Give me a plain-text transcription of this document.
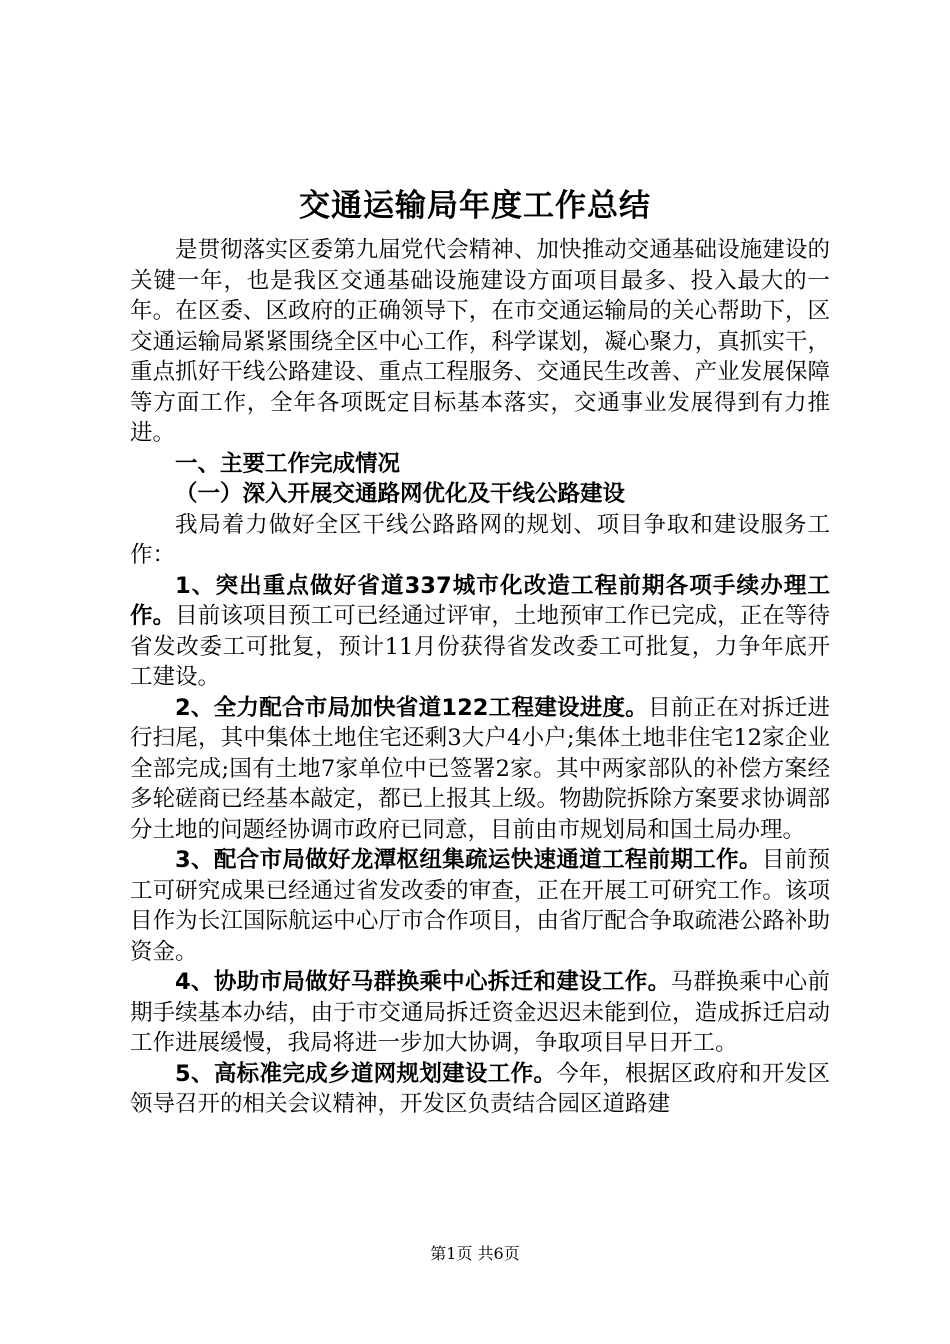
交通运输局年度工作总结

是贯彻落实区委第九届党代会精神、加快推动交通基础设施建设的关键一年，也是我区交通基础设施建设方面项目最多、投入最大的一年。在区委、区政府的正确领导下，在市交通运输局的关心帮助下，区交通运输局紧紧围绕全区中心工作，科学谋划，凝心聚力，真抓实干，重点抓好干线公路建设、重点工程服务、交通民生改善、产业发展保障等方面工作，全年各项既定目标基本落实，交通事业发展得到有力推进。

一、主要工作完成情况

（一）深入开展交通路网优化及干线公路建设

我局着力做好全区干线公路路网的规划、项目争取和建设服务工作：

1、突出重点做好省道337城市化改造工程前期各项手续办理工作。目前该项目预工可已经通过评审，土地预审工作已完成，正在等待省发改委工可批复，预计11月份获得省发改委工可批复，力争年底开工建设。

2、全力配合市局加快省道122工程建设进度。目前正在对拆迁进行扫尾，其中集体土地住宅还剩3大户4小户;集体土地非住宅12家企业全部完成;国有土地7家单位中已签署2家。其中两家部队的补偿方案经多轮磋商已经基本敲定，都已上报其上级。物勘院拆除方案要求协调部分土地的问题经协调市政府已同意，目前由市规划局和国土局办理。

3、配合市局做好龙潭枢纽集疏运快速通道工程前期工作。目前预工可研究成果已经通过省发改委的审查，正在开展工可研究工作。该项目作为长江国际航运中心厅市合作项目，由省厅配合争取疏港公路补助资金。

4、协助市局做好马群换乘中心拆迁和建设工作。马群换乘中心前期手续基本办结，由于市交通局拆迁资金迟迟未能到位，造成拆迁启动工作进展缓慢，我局将进一步加大协调，争取项目早日开工。

5、高标准完成乡道网规划建设工作。今年，根据区政府和开发区领导召开的相关会议精神，开发区负责结合园区道路建

第1页 共6页
